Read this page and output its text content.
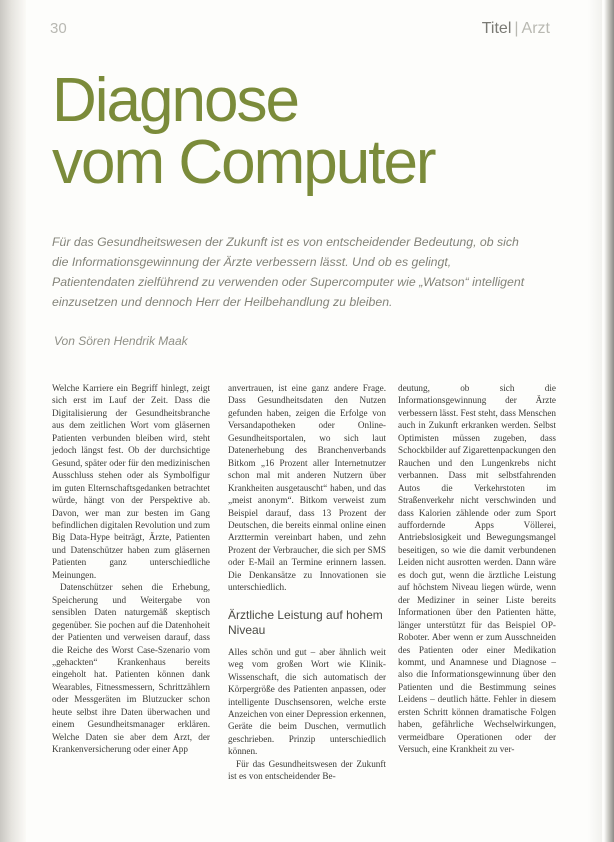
30	Titel | Arzt
Diagnose
vom Computer

Für das Gesundheitswesen der Zukunft ist es von entscheidender Bedeutung, ob sich die Informationsgewinnung der Ärzte verbessern lässt. Und ob es gelingt, Patientendaten zielführend zu verwenden oder Supercomputer wie „Watson“ intelligent einzusetzen und dennoch Herr der Heilbehandlung zu bleiben.

Von Sören Hendrik Maak

Welche Karriere ein Begriff hinlegt, zeigt sich erst im Lauf der Zeit. Dass die Digitalisierung der Gesundheitsbranche aus dem zeitlichen Wort vom gläsernen Patienten verbunden bleiben wird, steht jedoch längst fest. Ob der durchsichtige Gesund, später oder für den medizinischen Ausschluss stehen oder als Symbolfigur im guten Elternschaftsgedanken betrachtet würde, hängt von der Perspektive ab. Davon, wer man zur besten im Gang befindlichen digitalen Revolution und zum Big Data-Hype beiträgt, Ärzte, Patienten und Datenschützer haben zum gläsernen Patienten ganz unterschiedliche Meinungen.

Datenschützer sehen die Erhebung, Speicherung und Weitergabe von sensiblen Daten naturgemäß skeptisch gegenüber. Sie pochen auf die Datenhoheit der Patienten und verweisen darauf, dass die Reiche des Worst Case-Szenario vom „gehackten“ Krankenhaus bereits eingeholt hat. Patienten können dank Wearables, Fitnessmessern, Schrittzählern oder Messgeräten im Blutzucker schon heute selbst ihre Daten überwachen und einem Gesundheitsmanager erklären. Welche Daten sie aber dem Arzt, der Krankenversicherung oder einer App

anvertrauen, ist eine ganz andere Frage. Dass Gesundheitsdaten den Nutzen gefunden haben, zeigen die Erfolge von Versandapotheken oder Online-Gesundheitsportalen, wo sich laut Datenerhebung des Branchenverbands Bitkom „16 Prozent aller Internetnutzer schon mal mit anderen Nutzern über Krankheiten ausgetauscht“ haben, und das „meist anonym“. Bitkom verweist zum Beispiel darauf, dass 13 Prozent der Deutschen, die bereits einmal online einen Arzttermin vereinbart haben, und zehn Prozent der Verbraucher, die sich per SMS oder E-Mail an Termine erinnern lassen. Die Denkansätze zu Innovationen sie unterschiedlich.

Ärztliche Leistung auf hohem Niveau

Alles schön und gut – aber ähnlich weit weg vom großen Wort wie Klinik-Wissenschaft, die sich automatisch der Körpergröße des Patienten anpassen, oder intelligente Duschsensoren, welche erste Anzeichen von einer Depression erkennen, Geräte die beim Duschen, vermutlich geschrieben. Prinzip unterschiedlich können.

Für das Gesundheitswesen der Zukunft ist es von entscheidender Be-

deutung, ob sich die Informationsgewinnung der Ärzte verbessern lässt. Fest steht, dass Menschen auch in Zukunft erkranken werden. Selbst Optimisten müssen zugeben, dass Schockbilder auf Zigarettenpackungen den Rauchen und den Lungenkrebs nicht verbannen. Dass mit selbstfahrenden Autos die Verkehrstoten im Straßenverkehr nicht verschwinden und dass Kalorien zählende oder zum Sport auffordernde Apps Völlerei, Antriebslosigkeit und Bewegungsmangel beseitigen, so wie die damit verbundenen Leiden nicht ausrotten werden. Dann wäre es doch gut, wenn die ärztliche Leistung auf höchstem Niveau liegen würde, wenn der Mediziner in seiner Liste bereits Informationen über den Patienten hätte, länger unterstützt für das Beispiel OP-Roboter. Aber wenn er zum Ausschneiden des Patienten oder einer Medikation kommt, und Anamnese und Diagnose – also die Informationsgewinnung über den Patienten und die Bestimmung seines Leidens – deutlich hätte. Fehler in diesem ersten Schritt können dramatische Folgen haben, gefährliche Wechselwirkungen, vermeidbare Operationen oder der Versuch, eine Krankheit zu ver-
